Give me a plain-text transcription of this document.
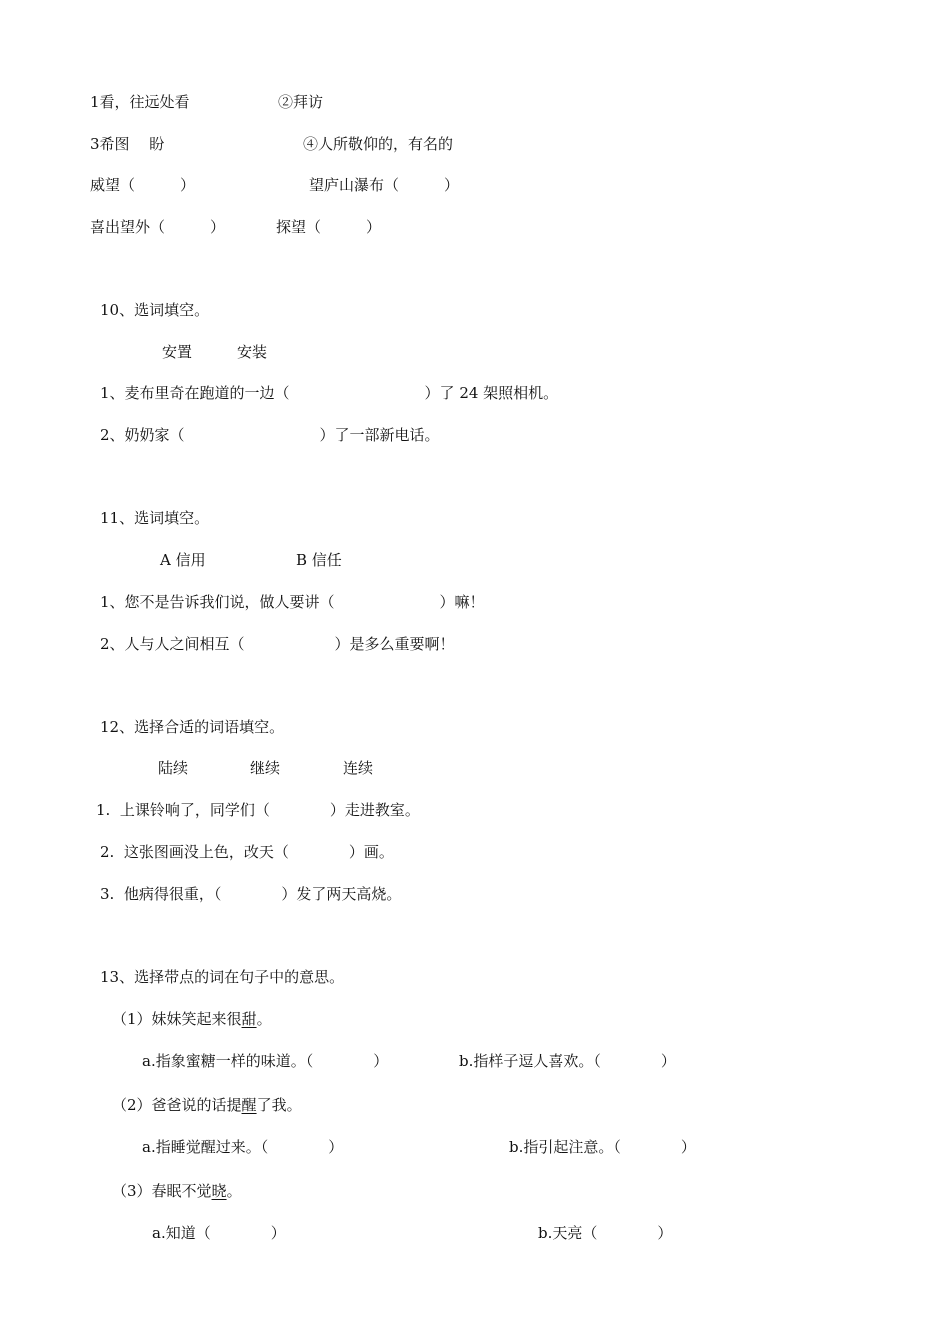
1看，往远处看	②拜访
3希图　 盼	④人所敬仰的，有名的
威望（　　　）	望庐山瀑布（　　　）
喜出望外（　　　）	探望（　　　）
10、选词填空。
安置	安装
1、麦布里奇在跑道的一边（　　　　　　　　　）了 24 架照相机。
2、奶奶家（　　　　　　　　　）了一部新电话。
11、选词填空。
A 信用	B 信任
1、您不是告诉我们说，做人要讲（　　　　　　　）嘛！
2、人与人之间相互（　　　　　　）是多么重要啊！
12、选择合适的词语填空。
陆续	继续	连续
1.  上课铃响了，同学们（　　　　）走进教室。
2.  这张图画没上色，改天（　　　　）画。
3.  他病得很重，（　　　　）发了两天高烧。
13、选择带点的词在句子中的意思。
（1）妹妹笑起来很甜。
a.指象蜜糖一样的味道。（　　　　）	b.指样子逗人喜欢。（　　　　）
（2）爸爸说的话提醒了我。
a.指睡觉醒过来。（　　　　）	b.指引起注意。（　　　　）
（3）春眠不觉晓。
a.知道（　　　　）	b.天亮（　　　　）
